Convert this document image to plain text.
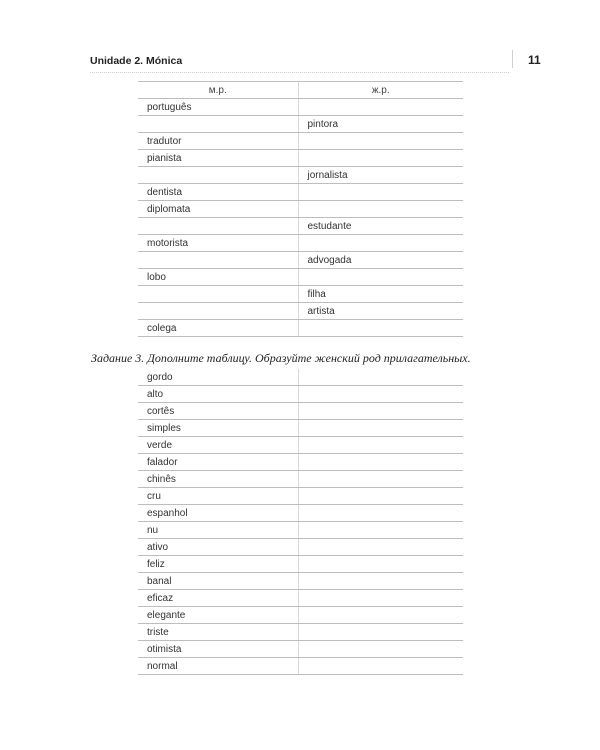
Unidade 2. Mónica	11
м.р.	ж.р.
português	
	pintora
tradutor	
pianista	
	jornalista
dentista	
diplomata	
	estudante
motorista	
	advogada
lobo	
	filha
	artista
colega	
Задание 3. Дополните таблицу. Образуйте женский род прилагательных.
gordo	
alto	
cortês	
simples	
verde	
falador	
chinês	
cru	
espanhol	
nu	
ativo	
feliz	
banal	
eficaz	
elegante	
triste	
otimista	
normal	
